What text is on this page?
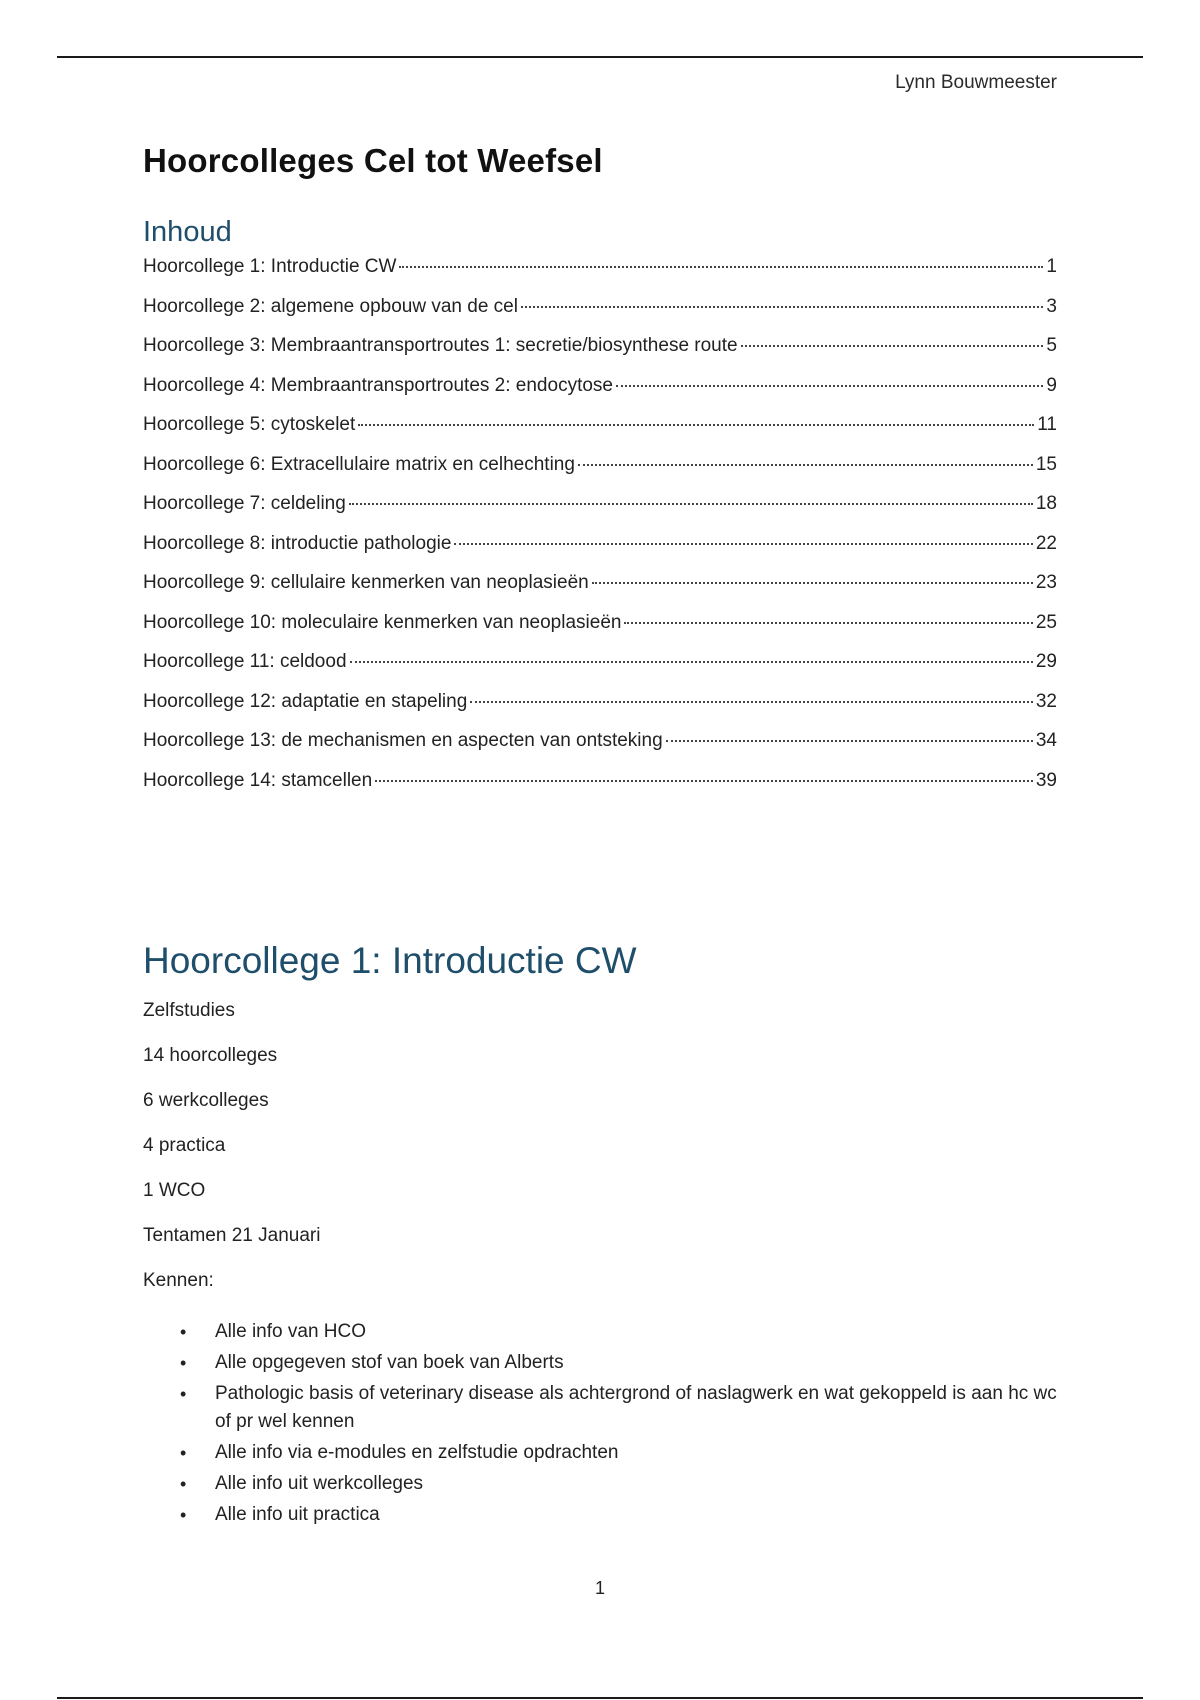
Lynn Bouwmeester
Hoorcolleges Cel tot Weefsel
Inhoud
Hoorcollege 1: Introductie CW	1
Hoorcollege 2: algemene opbouw van de cel	3
Hoorcollege 3: Membraantransportroutes 1: secretie/biosynthese route	5
Hoorcollege 4: Membraantransportroutes 2: endocytose	9
Hoorcollege 5: cytoskelet	11
Hoorcollege 6: Extracellulaire matrix en celhechting	15
Hoorcollege 7: celdeling	18
Hoorcollege 8: introductie pathologie	22
Hoorcollege 9: cellulaire kenmerken van neoplasieën	23
Hoorcollege 10: moleculaire kenmerken van neoplasieën	25
Hoorcollege 11: celdood	29
Hoorcollege 12: adaptatie en stapeling	32
Hoorcollege 13: de mechanismen en aspecten van ontsteking	34
Hoorcollege 14: stamcellen	39
Hoorcollege 1: Introductie CW
Zelfstudies
14 hoorcolleges
6 werkcolleges
4 practica
1 WCO
Tentamen 21 Januari
Kennen:
• Alle info van HCO
• Alle opgegeven stof van boek van Alberts
• Pathologic basis of veterinary disease als achtergrond of naslagwerk en wat gekoppeld is aan hc wc of pr wel kennen
• Alle info via e-modules en zelfstudie opdrachten
• Alle info uit werkcolleges
• Alle info uit practica
1
